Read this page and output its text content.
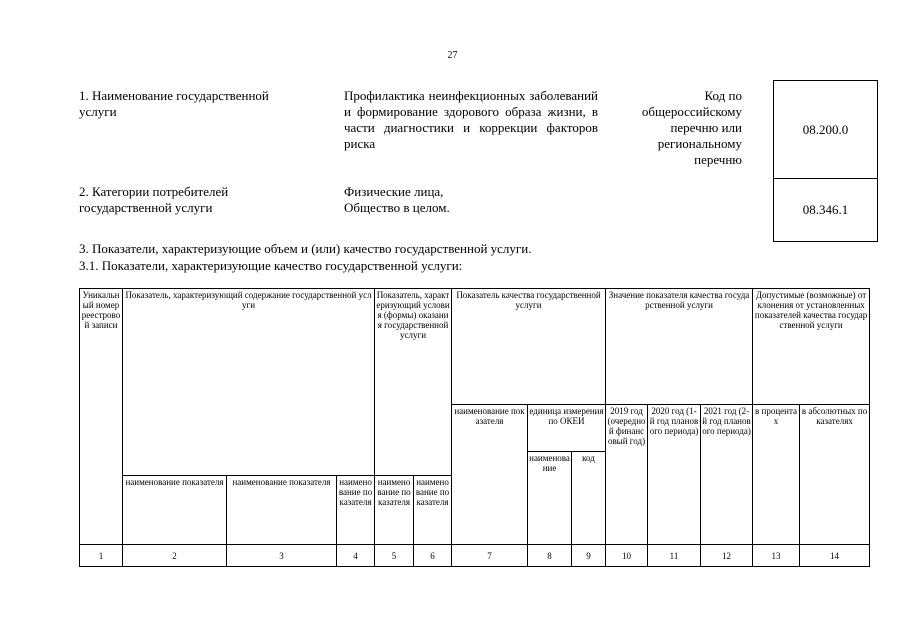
27
1. Наименование государственной услуги
Профилактика неинфекционных заболеваний и формирование здорового образа жизни, в части диагностики и коррекции факторов риска
Код по общероссийскому перечню или региональному перечню
08.200.0
08.346.1
2. Категории потребителей государственной услуги
Физические лица,
Общество в целом.
3. Показатели, характеризующие объем и (или) качество государственной услуги.
3.1. Показатели, характеризующие качество государственной услуги:
Уникальный номер реестровой записи	Показатель, характеризующий содержание государственной услуги			Показатель, характеризующий условия (формы) оказания государственной услуги		Показатель качества государственной услуги			Значение показателя качества государственной услуги			Допустимые (возможные) отклонения от установленных показателей качества государственной услуги	
						наименование показателя	единица измерения по ОКЕИ		2019 год (очередной финансовый год)	2020 год (1-й год планового периода)	2021 год (2-й год планового периода)	в процентах	в абсолютных показателях
							наименование	код					
	наименование показателя	наименование показателя	наименование показателя	наименование показателя	наименование показателя								
1	2	3	4	5	6	7	8	9	10	11	12	13	14
